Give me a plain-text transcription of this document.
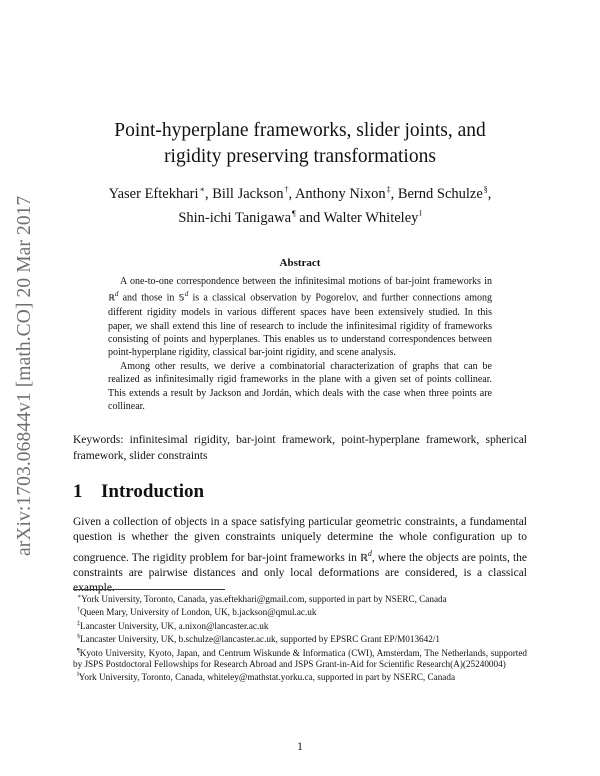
arXiv:1703.06844v1 [math.CO] 20 Mar 2017
Point-hyperplane frameworks, slider joints, and
rigidity preserving transformations
Yaser Eftekhari∗, Bill Jackson†, Anthony Nixon‡, Bernd Schulze§,
Shin-ichi Tanigawa¶ and Walter Whiteley‖
Abstract

A one-to-one correspondence between the infinitesimal motions of bar-joint frameworks in ℝ$^d$ and those in 𝕊$^d$ is a classical observation by Pogorelov, and further connections among different rigidity models in various different spaces have been extensively studied. In this paper, we shall extend this line of research to include the infinitesimal rigidity of frameworks consisting of points and hyperplanes. This enables us to understand correspondences between point-hyperplane rigidity, classical bar-joint rigidity, and scene analysis.

Among other results, we derive a combinatorial characterization of graphs that can be realized as infinitesimally rigid frameworks in the plane with a given set of points collinear. This extends a result by Jackson and Jordán, which deals with the case when three points are collinear.

Keywords: infinitesimal rigidity, bar-joint framework, point-hyperplane framework, spherical framework, slider constraints
1 Introduction
Given a collection of objects in a space satisfying particular geometric constraints, a fundamental question is whether the given constraints uniquely determine the whole configuration up to congruence. The rigidity problem for bar-joint frameworks in ℝ$^d$, where the objects are points, the constraints are pairwise distances and only local deformations are considered, is a classical example.
∗York University, Toronto, Canada, yas.eftekhari@gmail.com, supported in part by NSERC, Canada
†Queen Mary, University of London, UK, b.jackson@qmul.ac.uk
‡Lancaster University, UK, a.nixon@lancaster.ac.uk
§Lancaster University, UK, b.schulze@lancaster.ac.uk, supported by EPSRC Grant EP/M013642/1
¶Kyoto University, Kyoto, Japan, and Centrum Wiskunde & Informatica (CWI), Amsterdam, The Netherlands, supported by JSPS Postdoctoral Fellowships for Research Abroad and JSPS Grant-in-Aid for Scientific Research(A)(25240004)
‖York University, Toronto, Canada, whiteley@mathstat.yorku.ca, supported in part by NSERC, Canada
1
